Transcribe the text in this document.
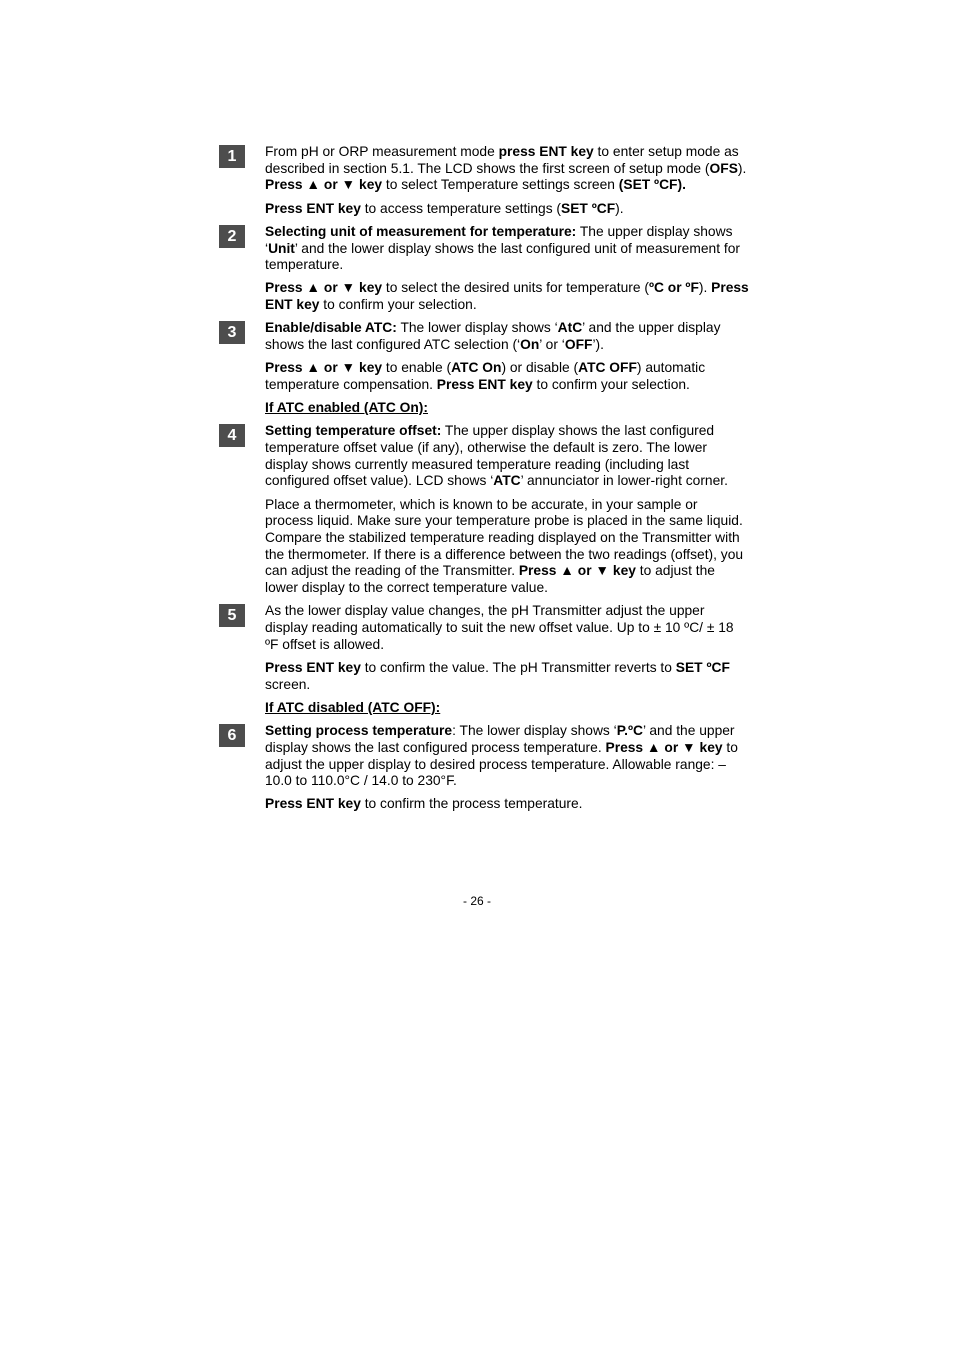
1	From pH or ORP measurement mode press ENT key to enter setup mode as described in section 5.1. The LCD shows the first screen of setup mode (OFS). Press ▲ or ▼ key to select Temperature settings screen (SET ºCF).

Press ENT key to access temperature settings (SET ºCF).

2	Selecting unit of measurement for temperature: The upper display shows ‘Unit’ and the lower display shows the last configured unit of measurement for temperature.

Press ▲ or ▼ key to select the desired units for temperature (ºC or ºF). Press ENT key to confirm your selection.

3	Enable/disable ATC: The lower display shows ‘AtC’ and the upper display shows the last configured ATC selection (‘On’ or ‘OFF’).

Press ▲ or ▼ key to enable (ATC On) or disable (ATC OFF) automatic temperature compensation. Press ENT key to confirm your selection.

If ATC enabled (ATC On):

4	Setting temperature offset: The upper display shows the last configured temperature offset value (if any), otherwise the default is zero. The lower display shows currently measured temperature reading (including last configured offset value). LCD shows ‘ATC’ annunciator in lower-right corner.

Place a thermometer, which is known to be accurate, in your sample or process liquid. Make sure your temperature probe is placed in the same liquid. Compare the stabilized temperature reading displayed on the Transmitter with the thermometer. If there is a difference between the two readings (offset), you can adjust the reading of the Transmitter. Press ▲ or ▼ key to adjust the lower display to the correct temperature value.

5	As the lower display value changes, the pH Transmitter adjust the upper display reading automatically to suit the new offset value. Up to ± 10 ºC/ ± 18 ºF offset is allowed.

Press ENT key to confirm the value. The pH Transmitter reverts to SET ºCF screen.

If ATC disabled (ATC OFF):

6	Setting process temperature: The lower display shows ‘P.ºC’ and the upper display shows the last configured process temperature. Press ▲ or ▼ key to adjust the upper display to desired process temperature. Allowable range: –10.0 to 110.0°C / 14.0 to 230°F.

Press ENT key to confirm the process temperature.

- 26 -
